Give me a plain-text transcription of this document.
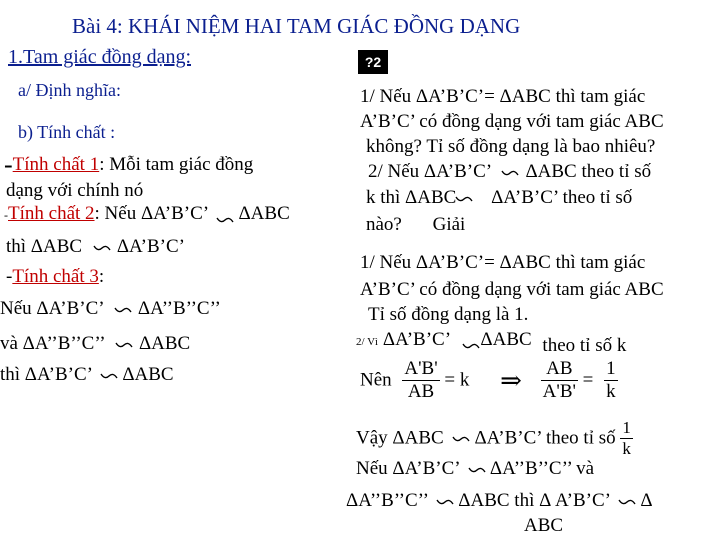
Bài 4: KHÁI NIỆM HAI TAM GIÁC ĐỒNG DẠNG
1.Tam giác đồng dạng:
a/ Định nghĩa:
b) Tính chất :
-Tính chất 1: Mỗi tam giác đồng
dạng với chính nó
-Tính chất 2: Nếu ΔA’B’C’ ΔABC
thì ΔABC ΔA’B’C’
-Tính chất 3:
Nếu ΔA’B’C’ ΔA’’B’’C’’
và ΔA’’B’’C’’ ΔABC
thì ΔA’B’C’ ΔABC
?2
1/ Nếu ΔA’B’C’= ΔABC thì tam giác
A’B’C’ có đồng dạng với tam giác ABC
không? Tỉ số đồng dạng là bao nhiêu?
2/ Nếu ΔA’B’C’ ΔABC theo tỉ số
k thì ΔABC ΔA’B’C’ theo tỉ số
nào? Giải
1/ Nếu ΔA’B’C’= ΔABC thì tam giác
A’B’C’ có đồng dạng với tam giác ABC
Tỉ số đồng dạng là 1.
2/ Vì ΔA’B’C’ ΔABC theo tỉ số k
Nên $\frac{A'B'}{AB} = k$ ⇒ $\frac{AB}{A'B'} = \frac{1}{k}$
Vậy ΔABC ΔA’B’C’ theo tỉ số $\frac{1}{k}$
Nếu ΔA’B’C’ ΔA’’B’’C’’ và
ΔA’’B’’C’’ ΔABC thì Δ A’B’C’ Δ
ABC
